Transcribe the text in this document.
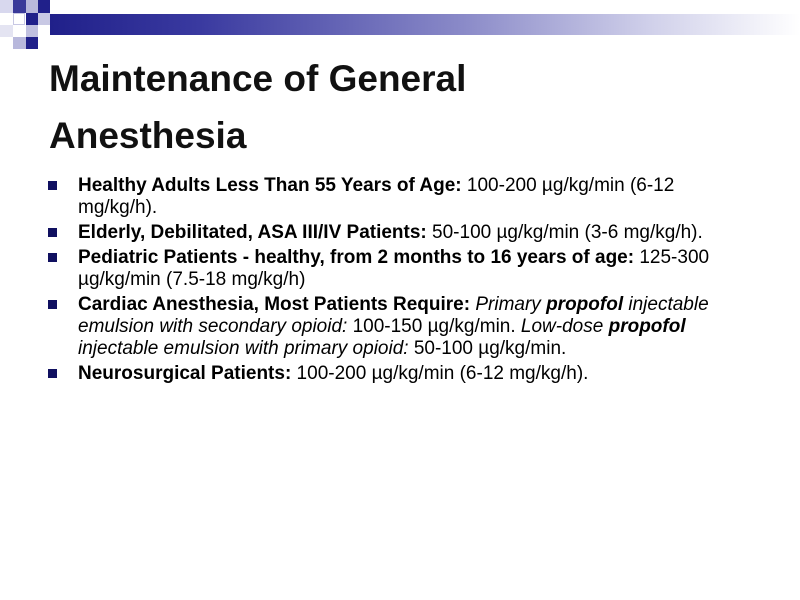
Maintenance of General
Anesthesia
Healthy Adults Less Than 55 Years of Age: 100-200 µg/kg/min (6-12 mg/kg/h).
Elderly, Debilitated, ASA III/IV Patients: 50-100 µg/kg/min (3-6 mg/kg/h).
Pediatric Patients - healthy, from 2 months to 16 years of age: 125-300 µg/kg/min (7.5-18 mg/kg/h)
Cardiac Anesthesia, Most Patients Require: Primary propofol injectable emulsion with secondary opioid: 100-150 µg/kg/min. Low-dose propofol injectable emulsion with primary opioid: 50-100 µg/kg/min.
Neurosurgical Patients: 100-200 µg/kg/min (6-12 mg/kg/h).
